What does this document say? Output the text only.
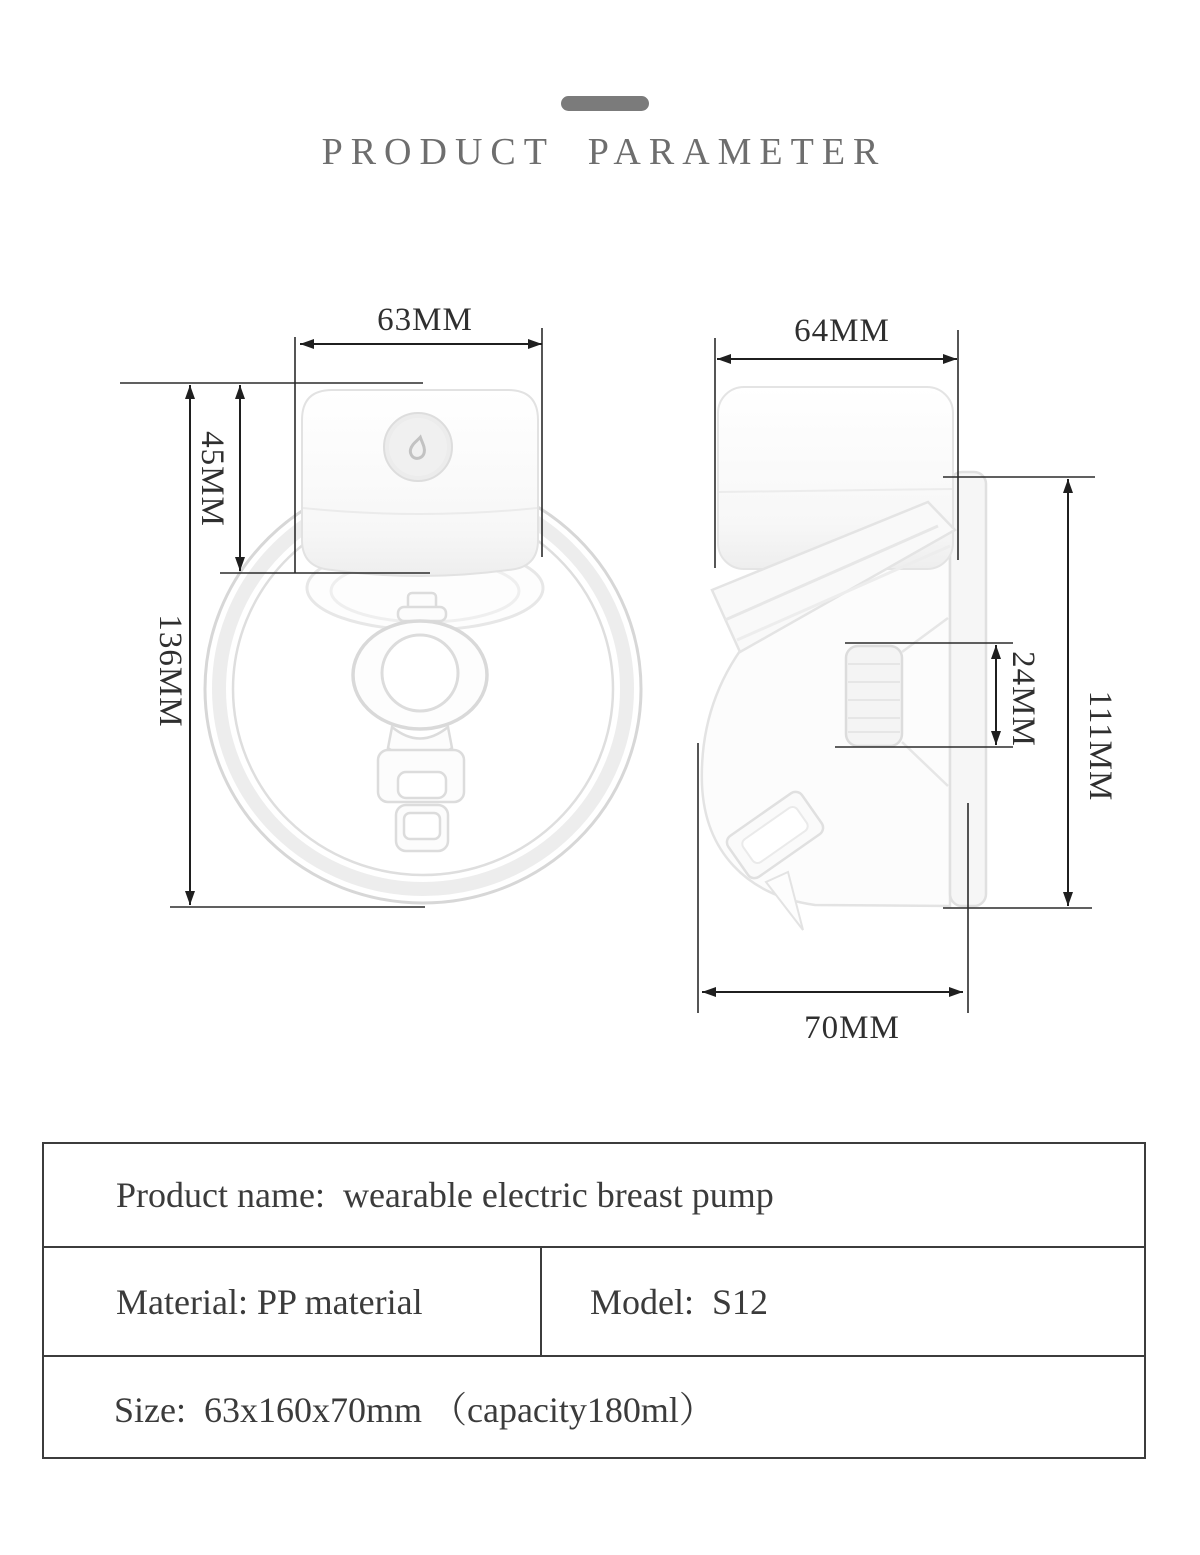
PRODUCT PARAMETER
63MM
45MM
136MM
64MM
24MM 111MM
70MM
Product name:  wearable electric breast pump
Material: PP material	Model:  S12
Size:  63x160x70mm （capacity180ml）
